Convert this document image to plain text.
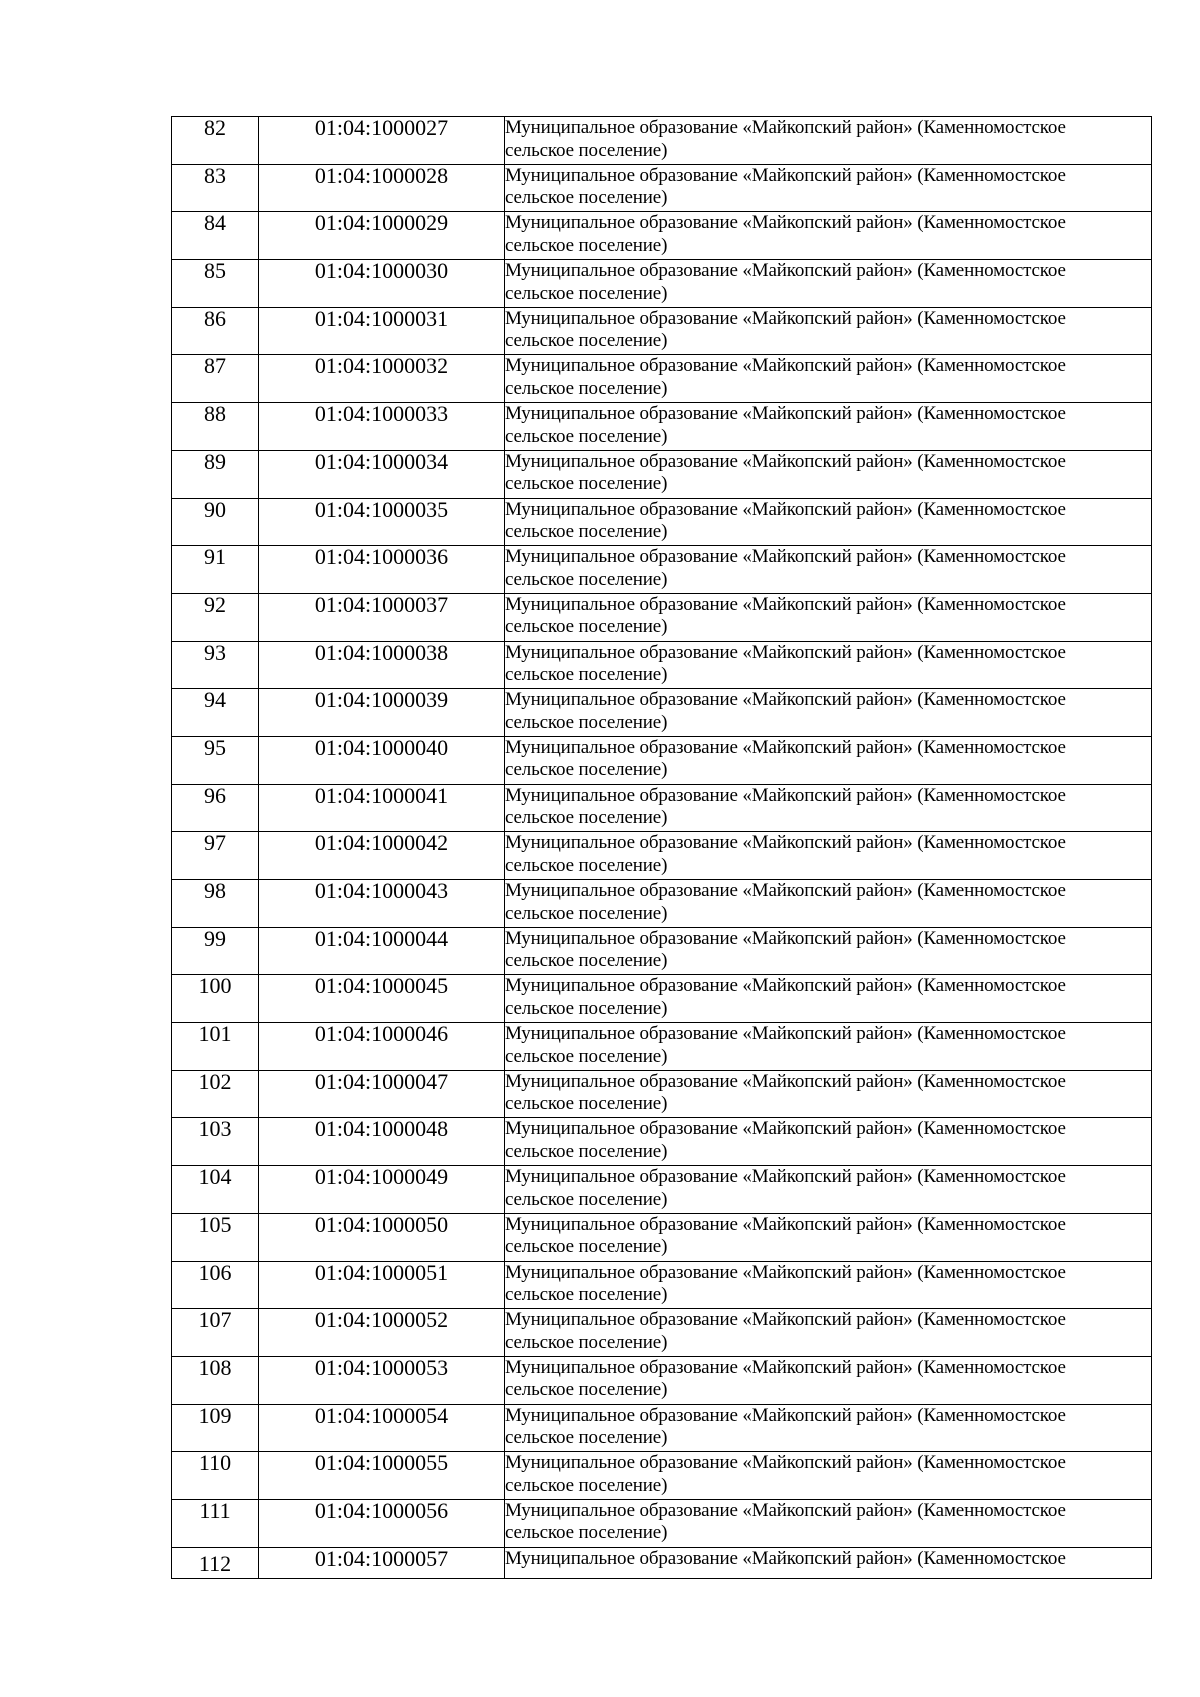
82	01:04:1000027	Муниципальное образование «Майкопский район» (Каменномостское
сельское поселение)

83	01:04:1000028	Муниципальное образование «Майкопский район» (Каменномостское
сельское поселение)

84	01:04:1000029	Муниципальное образование «Майкопский район» (Каменномостское
сельское поселение)

85	01:04:1000030	Муниципальное образование «Майкопский район» (Каменномостское
сельское поселение)

86	01:04:1000031	Муниципальное образование «Майкопский район» (Каменномостское
сельское поселение)

87	01:04:1000032	Муниципальное образование «Майкопский район» (Каменномостское
сельское поселение)

88	01:04:1000033	Муниципальное образование «Майкопский район» (Каменномостское
сельское поселение)

89	01:04:1000034	Муниципальное образование «Майкопский район» (Каменномостское
сельское поселение)

90	01:04:1000035	Муниципальное образование «Майкопский район» (Каменномостское
сельское поселение)

91	01:04:1000036	Муниципальное образование «Майкопский район» (Каменномостское
сельское поселение)

92	01:04:1000037	Муниципальное образование «Майкопский район» (Каменномостское
сельское поселение)

93	01:04:1000038	Муниципальное образование «Майкопский район» (Каменномостское
сельское поселение)

94	01:04:1000039	Муниципальное образование «Майкопский район» (Каменномостское
сельское поселение)

95	01:04:1000040	Муниципальное образование «Майкопский район» (Каменномостское
сельское поселение)

96	01:04:1000041	Муниципальное образование «Майкопский район» (Каменномостское
сельское поселение)

97	01:04:1000042	Муниципальное образование «Майкопский район» (Каменномостское
сельское поселение)

98	01:04:1000043	Муниципальное образование «Майкопский район» (Каменномостское
сельское поселение)

99	01:04:1000044	Муниципальное образование «Майкопский район» (Каменномостское
сельское поселение)

100	01:04:1000045	Муниципальное образование «Майкопский район» (Каменномостское
сельское поселение)

101	01:04:1000046	Муниципальное образование «Майкопский район» (Каменномостское
сельское поселение)

102	01:04:1000047	Муниципальное образование «Майкопский район» (Каменномостское
сельское поселение)

103	01:04:1000048	Муниципальное образование «Майкопский район» (Каменномостское
сельское поселение)

104	01:04:1000049	Муниципальное образование «Майкопский район» (Каменномостское
сельское поселение)

105	01:04:1000050	Муниципальное образование «Майкопский район» (Каменномостское
сельское поселение)

106	01:04:1000051	Муниципальное образование «Майкопский район» (Каменномостское
сельское поселение)

107	01:04:1000052	Муниципальное образование «Майкопский район» (Каменномостское
сельское поселение)

108	01:04:1000053	Муниципальное образование «Майкопский район» (Каменномостское
сельское поселение)

109	01:04:1000054	Муниципальное образование «Майкопский район» (Каменномостское
сельское поселение)

110	01:04:1000055	Муниципальное образование «Майкопский район» (Каменномостское
сельское поселение)

111	01:04:1000056	Муниципальное образование «Майкопский район» (Каменномостское
сельское поселение)

112	01:04:1000057	Муниципальное образование «Майкопский район» (Каменномостское
